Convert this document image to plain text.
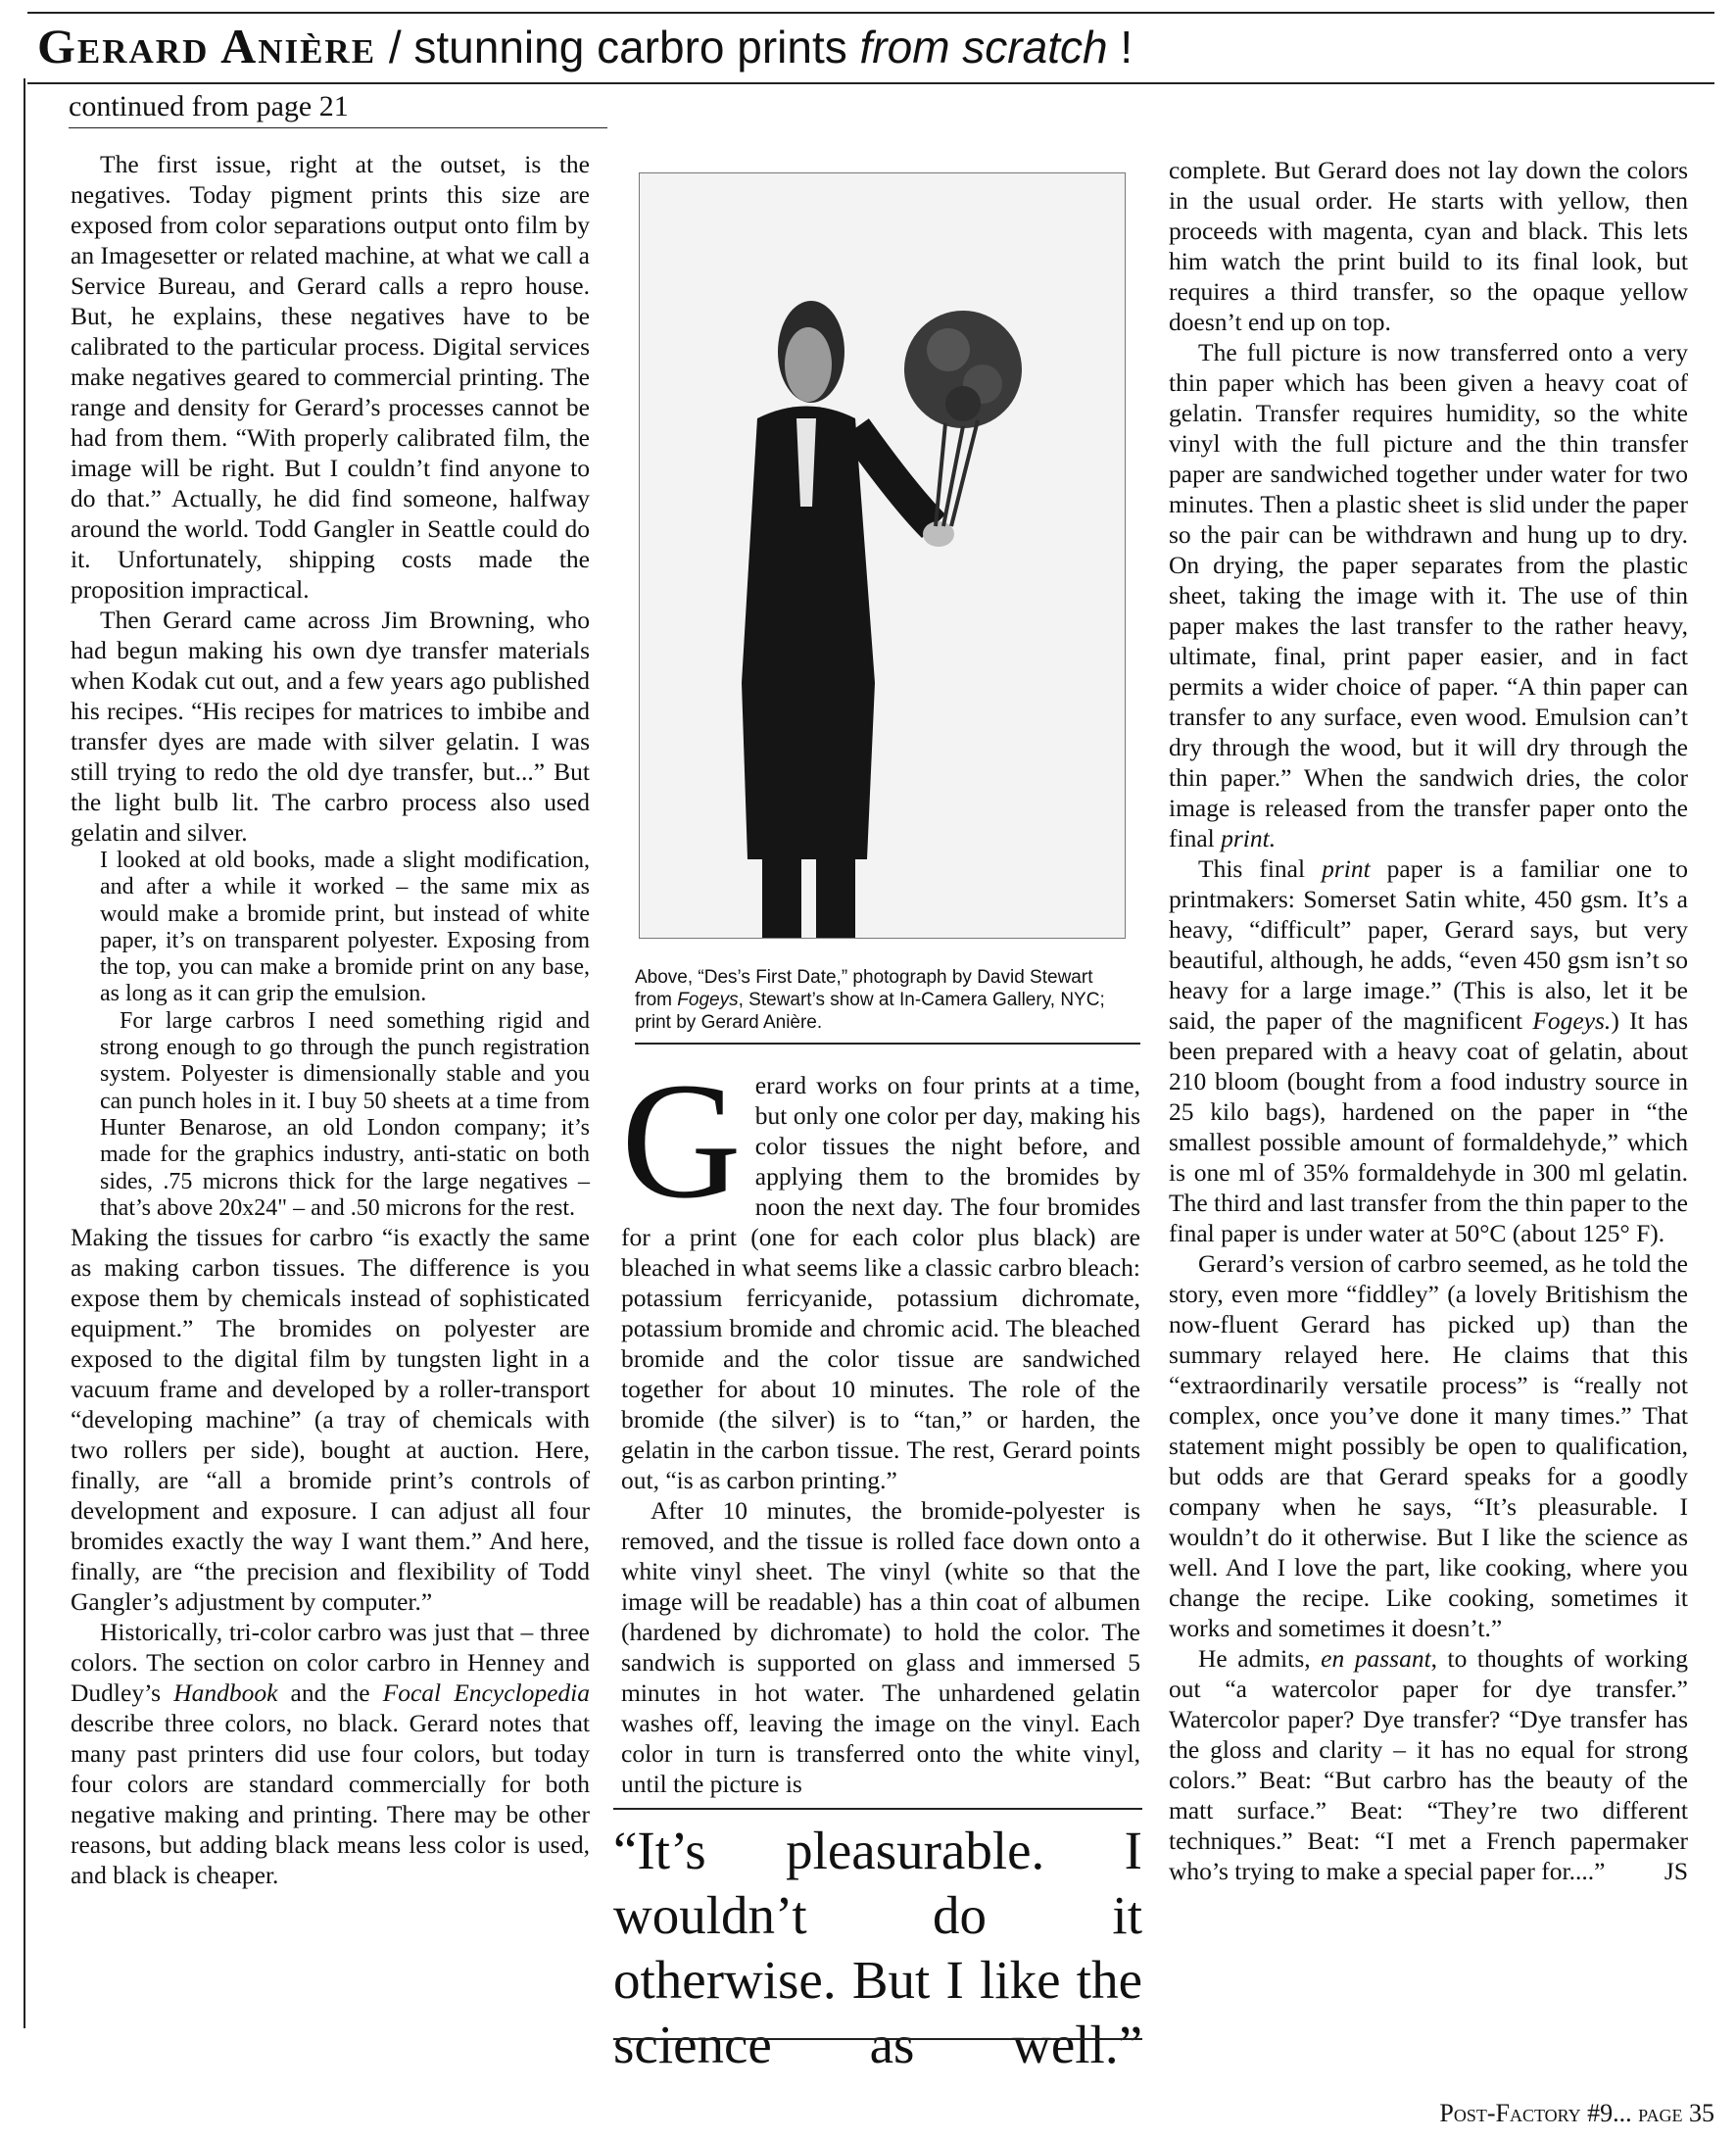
Gerard Anière / stunning carbro prints from scratch !
continued from page 21

The first issue, right at the outset, is the negatives. Today pigment prints this size are exposed from color separations output onto film by an Imagesetter or related machine, at what we call a Service Bureau, and Gerard calls a repro house. But, he explains, these negatives have to be calibrated to the particular process. Digital services make negatives geared to commercial printing. The range and density for Gerard’s processes cannot be had from them. “With properly calibrated film, the image will be right. But I couldn’t find anyone to do that.” Actually, he did find someone, halfway around the world. Todd Gangler in Seattle could do it. Unfortunately, shipping costs made the proposition impractical.

Then Gerard came across Jim Browning, who had begun making his own dye transfer materials when Kodak cut out, and a few years ago published his recipes. “His recipes for matrices to imbibe and transfer dyes are made with silver gelatin. I was still trying to redo the old dye transfer, but...” But the light bulb lit. The carbro process also used gelatin and silver.

I looked at old books, made a slight modification, and after a while it worked – the same mix as would make a bromide print, but instead of white paper, it’s on transparent polyester. Exposing from the top, you can make a bromide print on any base, as long as it can grip the emulsion.

For large carbros I need something rigid and strong enough to go through the punch registration system. Polyester is dimensionally stable and you can punch holes in it. I buy 50 sheets at a time from Hunter Benarose, an old London company; it’s made for the graphics industry, anti-static on both sides, .75 microns thick for the large negatives – that’s above 20x24" – and .50 microns for the rest.

Making the tissues for carbro “is exactly the same as making carbon tissues. The difference is you expose them by chemicals instead of sophisticated equipment.” The bromides on polyester are exposed to the digital film by tungsten light in a vacuum frame and developed by a roller-transport “developing machine” (a tray of chemicals with two rollers per side), bought at auction. Here, finally, are “all a bromide print’s controls of development and exposure. I can adjust all four bromides exactly the way I want them.” And here, finally, are “the precision and flexibility of Todd Gangler’s adjustment by computer.”

Historically, tri-color carbro was just that – three colors. The section on color carbro in Henney and Dudley’s Handbook and the Focal Encyclopedia describe three colors, no black. Gerard notes that many past printers did use four colors, but today four colors are standard commercially for both negative making and printing. There may be other reasons, but adding black means less color is used, and black is cheaper.

Above, “Des’s First Date,” photograph by David Stewart from Fogeys, Stewart’s show at In-Camera Gallery, NYC; print by Gerard Anière.

Gerard works on four prints at a time, but only one color per day, making his color tissues the night before, and applying them to the bromides by noon the next day. The four bromides for a print (one for each color plus black) are bleached in what seems like a classic carbro bleach: potassium ferricyanide, potassium dichromate, potassium bromide and chromic acid. The bleached bromide and the color tissue are sandwiched together for about 10 minutes. The role of the bromide (the silver) is to “tan,” or harden, the gelatin in the carbon tissue. The rest, Gerard points out, “is as carbon printing.”

After 10 minutes, the bromide-polyester is removed, and the tissue is rolled face down onto a white vinyl sheet. The vinyl (white so that the image will be readable) has a thin coat of albumen (hardened by dichromate) to hold the color. The sandwich is supported on glass and immersed 5 minutes in hot water. The unhardened gelatin washes off, leaving the image on the vinyl. Each color in turn is transferred onto the white vinyl, until the picture is

“It’s pleasurable. I wouldn’t do it otherwise. But I like the science as well.”

complete. But Gerard does not lay down the colors in the usual order. He starts with yellow, then proceeds with magenta, cyan and black. This lets him watch the print build to its final look, but requires a third transfer, so the opaque yellow doesn’t end up on top.

The full picture is now transferred onto a very thin paper which has been given a heavy coat of gelatin. Transfer requires humidity, so the white vinyl with the full picture and the thin transfer paper are sandwiched together under water for two minutes. Then a plastic sheet is slid under the paper so the pair can be withdrawn and hung up to dry. On drying, the paper separates from the plastic sheet, taking the image with it. The use of thin paper makes the last transfer to the rather heavy, ultimate, final, print paper easier, and in fact permits a wider choice of paper. “A thin paper can transfer to any surface, even wood. Emulsion can’t dry through the wood, but it will dry through the thin paper.” When the sandwich dries, the color image is released from the transfer paper onto the final print.

This final print paper is a familiar one to printmakers: Somerset Satin white, 450 gsm. It’s a heavy, “difficult” paper, Gerard says, but very beautiful, although, he adds, “even 450 gsm isn’t so heavy for a large image.” (This is also, let it be said, the paper of the magnificent Fogeys.) It has been prepared with a heavy coat of gelatin, about 210 bloom (bought from a food industry source in 25 kilo bags), hardened on the paper in “the smallest possible amount of formaldehyde,” which is one ml of 35% formaldehyde in 300 ml gelatin. The third and last transfer from the thin paper to the final paper is under water at 50°C (about 125° F).

Gerard’s version of carbro seemed, as he told the story, even more “fiddley” (a lovely Britishism the now-fluent Gerard has picked up) than the summary relayed here. He claims that this “extraordinarily versatile process” is “really not complex, once you’ve done it many times.” That statement might possibly be open to qualification, but odds are that Gerard speaks for a goodly company when he says, “It’s pleasurable. I wouldn’t do it otherwise. But I like the science as well. And I love the part, like cooking, where you change the recipe. Like cooking, sometimes it works and sometimes it doesn’t.”

He admits, en passant, to thoughts of working out “a watercolor paper for dye transfer.” Watercolor paper? Dye transfer? “Dye transfer has the gloss and clarity – it has no equal for strong colors.” Beat: “But carbro has the beauty of the matt surface.” Beat: “They’re two different techniques.” Beat: “I met a French papermaker who’s trying to make a special paper for....”	JS

Post-Factory #9... page 35
